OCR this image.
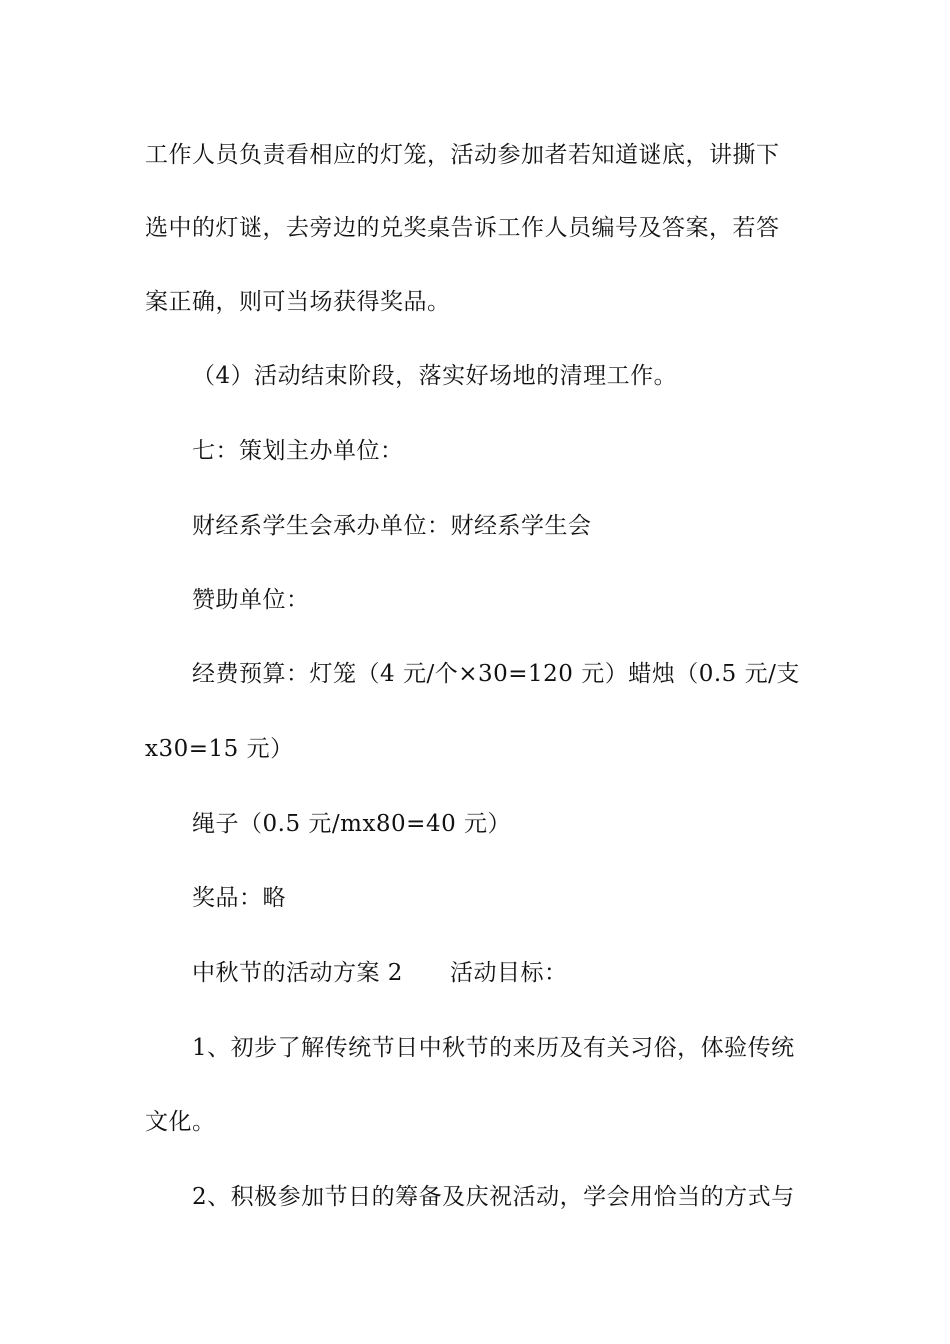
工作人员负责看相应的灯笼，活动参加者若知道谜底，讲撕下
选中的灯谜，去旁边的兑奖桌告诉工作人员编号及答案，若答
案正确，则可当场获得奖品。
（4）活动结束阶段，落实好场地的清理工作。
七：策划主办单位：
财经系学生会承办单位：财经系学生会
赞助单位：
经费预算：灯笼（4 元/个×30=120 元）蜡烛（0.5 元/支
x30=15 元）
绳子（0.5 元/mx80=40 元）
奖品：略
中秋节的活动方案 2　　活动目标：
1、初步了解传统节日中秋节的来历及有关习俗，体验传统
文化。
2、积极参加节日的筹备及庆祝活动，学会用恰当的方式与
